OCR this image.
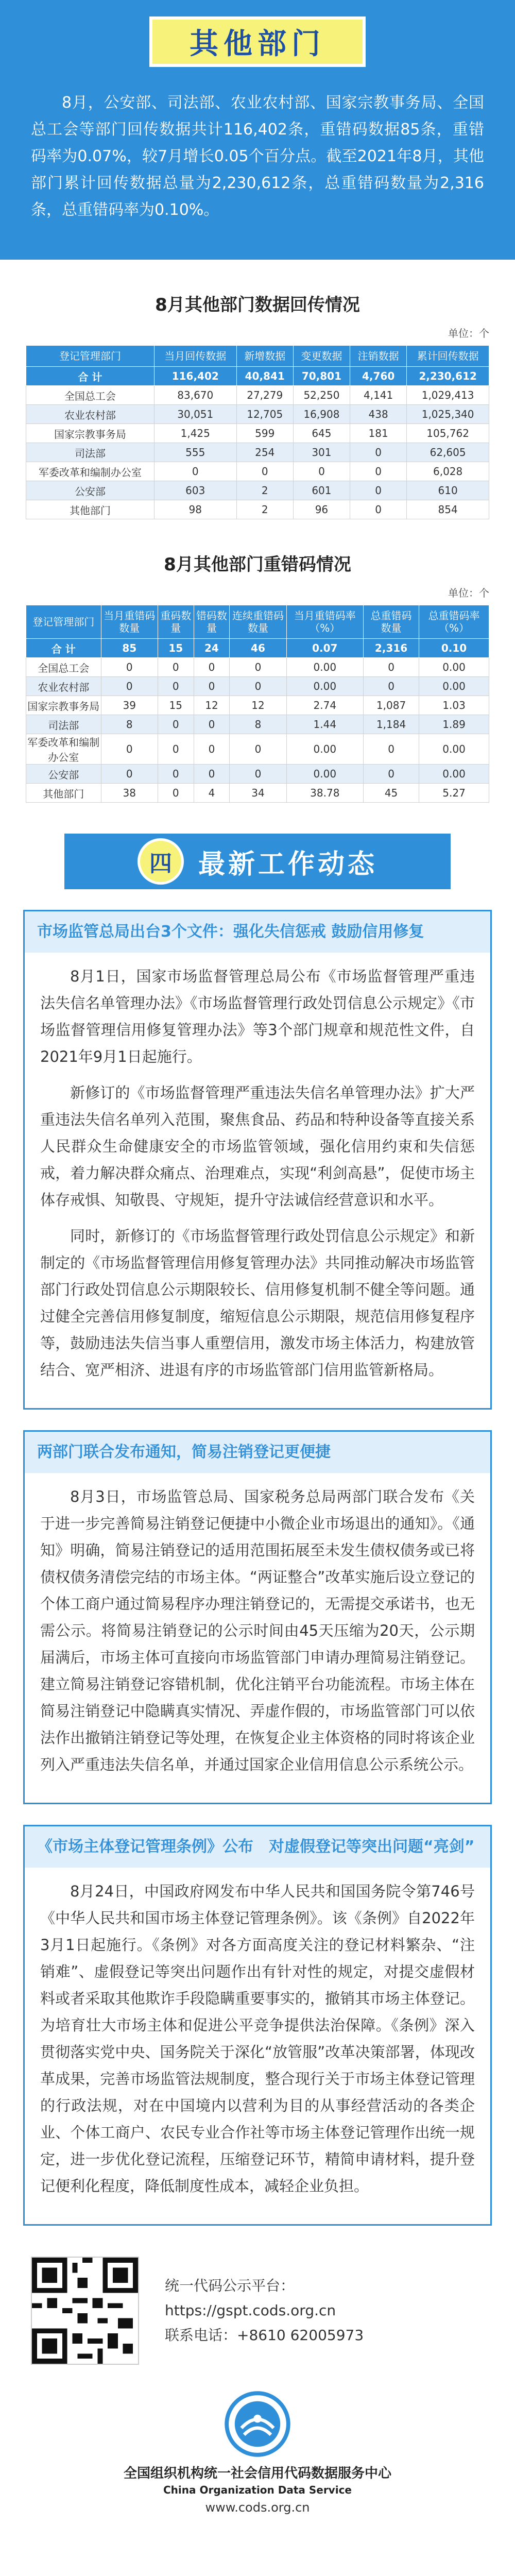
其他部门

8月，公安部、司法部、农业农村部、国家宗教事务局、全国总工会等部门回传数据共计116,402条，重错码数据85条，重错码率为0.07%，较7月增长0.05个百分点。截至2021年8月，其他部门累计回传数据总量为2,230,612条，总重错码数量为2,316条，总重错码率为0.10%。

8月其他部门数据回传情况
单位：个
登记管理部门	当月回传数据	新增数据	变更数据	注销数据	累计回传数据
合 计	116,402	40,841	70,801	4,760	2,230,612
全国总工会	83,670	27,279	52,250	4,141	1,029,413
农业农村部	30,051	12,705	16,908	438	1,025,340
国家宗教事务局	1,425	599	645	181	105,762
司法部	555	254	301	0	62,605
军委改革和编制办公室	0	0	0	0	6,028
公安部	603	2	601	0	610
其他部门	98	2	96	0	854
8月其他部门重错码情况
单位：个
登记管理部门	当月重错码数量	重码数量	错码数量	连续重错码数量	当月重错码率（%）	总重错码数量	总重错码率（%）
合 计	85	15	24	46	0.07	2,316	0.10
全国总工会	0	0	0	0	0.00	0	0.00
农业农村部	0	0	0	0	0.00	0	0.00
国家宗教事务局	39	15	12	12	2.74	1,087	1.03
司法部	8	0	0	8	1.44	1,184	1.89
军委改革和编制办公室	0	0	0	0	0.00	0	0.00
公安部	0	0	0	0	0.00	0	0.00
其他部门	38	0	4	34	38.78	45	5.27
四 最新工作动态
市场监管总局出台3个文件：强化失信惩戒 鼓励信用修复

8月1日，国家市场监督管理总局公布《市场监督管理严重违法失信名单管理办法》《市场监督管理行政处罚信息公示规定》《市场监督管理信用修复管理办法》等3个部门规章和规范性文件，自2021年9月1日起施行。

新修订的《市场监督管理严重违法失信名单管理办法》扩大严重违法失信名单列入范围，聚焦食品、药品和特种设备等直接关系人民群众生命健康安全的市场监管领域，强化信用约束和失信惩戒，着力解决群众痛点、治理难点，实现“利剑高悬”，促使市场主体存戒惧、知敬畏、守规矩，提升守法诚信经营意识和水平。

同时，新修订的《市场监督管理行政处罚信息公示规定》和新制定的《市场监督管理信用修复管理办法》共同推动解决市场监管部门行政处罚信息公示期限较长、信用修复机制不健全等问题。通过健全完善信用修复制度，缩短信息公示期限，规范信用修复程序等，鼓励违法失信当事人重塑信用，激发市场主体活力，构建放管结合、宽严相济、进退有序的市场监管部门信用监管新格局。

两部门联合发布通知，简易注销登记更便捷

8月3日，市场监管总局、国家税务总局两部门联合发布《关于进一步完善简易注销登记便捷中小微企业市场退出的通知》。《通知》明确，简易注销登记的适用范围拓展至未发生债权债务或已将债权债务清偿完结的市场主体。“两证整合”改革实施后设立登记的个体工商户通过简易程序办理注销登记的，无需提交承诺书，也无需公示。将简易注销登记的公示时间由45天压缩为20天，公示期届满后，市场主体可直接向市场监管部门申请办理简易注销登记。建立简易注销登记容错机制，优化注销平台功能流程。市场主体在简易注销登记中隐瞒真实情况、弄虚作假的，市场监管部门可以依法作出撤销注销登记等处理，在恢复企业主体资格的同时将该企业列入严重违法失信名单，并通过国家企业信用信息公示系统公示。

《市场主体登记管理条例》公布　对虚假登记等突出问题“亮剑”

8月24日，中国政府网发布中华人民共和国国务院令第746号《中华人民共和国市场主体登记管理条例》。该《条例》自2022年3月1日起施行。《条例》对各方面高度关注的登记材料繁杂、“注销难”、虚假登记等突出问题作出有针对性的规定，对提交虚假材料或者采取其他欺诈手段隐瞒重要事实的，撤销其市场主体登记。为培育壮大市场主体和促进公平竞争提供法治保障。《条例》深入贯彻落实党中央、国务院关于深化“放管服”改革决策部署，体现改革成果，完善市场监管法规制度，整合现行关于市场主体登记管理的行政法规，对在中国境内以营利为目的从事经营活动的各类企业、个体工商户、农民专业合作社等市场主体登记管理作出统一规定，进一步优化登记流程，压缩登记环节，精简申请材料，提升登记便利化程度，降低制度性成本，减轻企业负担。

统一代码公示平台：
https://gspt.cods.org.cn
联系电话：+8610 62005973
全国组织机构统一社会信用代码数据服务中心
China Organization Data Service
www.cods.org.cn
